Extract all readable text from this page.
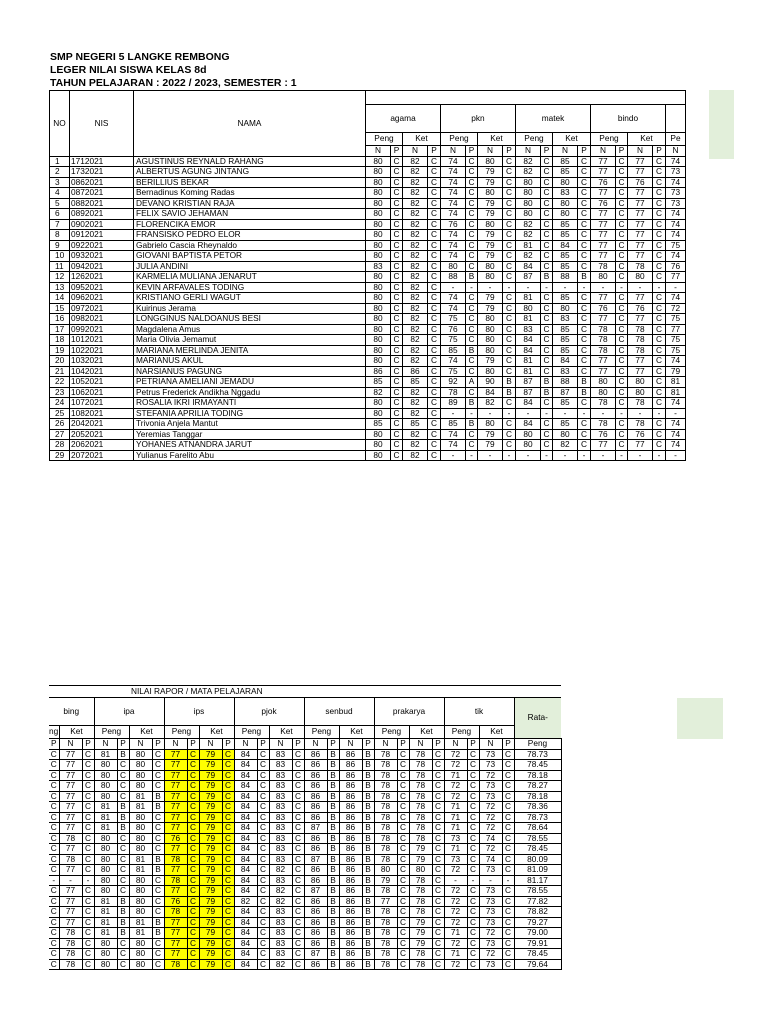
SMP NEGERI 5 LANGKE REMBONG
LEGER NILAI SISWA KELAS 8d
TAHUN PELAJARAN : 2022 / 2023, SEMESTER : 1
NO	NIS	NAMA																	
			agama				pkn				matek				bindo				
			Peng		Ket		Peng		Ket		Peng		Ket		Peng		Ket		Pe
			N	P	N	P	N	P	N	P	N	P	N	P	N	P	N	P	N
1	1712021	AGUSTINUS REYNALD RAHANG	80	C	82	C	74	C	80	C	82	C	85	C	77	C	77	C	74
2	1732021	ALBERTUS AGUNG JINTANG	80	C	82	C	74	C	79	C	82	C	85	C	77	C	77	C	73
3	0862021	BERILLIUS BEKAR	80	C	82	C	74	C	79	C	80	C	80	C	76	C	76	C	74
4	0872021	Bernadinus Koming Radas	80	C	82	C	74	C	80	C	80	C	83	C	77	C	77	C	73
5	0882021	DEVANO KRISTIAN RAJA	80	C	82	C	74	C	79	C	80	C	80	C	76	C	77	C	73
6	0892021	FELIX SAVIO JEHAMAN	80	C	82	C	74	C	79	C	80	C	80	C	77	C	77	C	74
7	0902021	FLORENCIKA EMOR	80	C	82	C	76	C	80	C	82	C	85	C	77	C	77	C	74
8	0912021	FRANSISKO PEDRO ELOR	80	C	82	C	74	C	79	C	82	C	85	C	77	C	77	C	74
9	0922021	Gabrielo Cascia Rheynaldo	80	C	82	C	74	C	79	C	81	C	84	C	77	C	77	C	75
10	0932021	GIOVANI BAPTISTA PETOR	80	C	82	C	74	C	79	C	82	C	85	C	77	C	77	C	74
11	0942021	JULIA ANDINI	83	C	82	C	80	C	80	C	84	C	85	C	78	C	78	C	76
12	1262021	KARMELIA MULIANA JENARUT	80	C	82	C	88	B	80	C	87	B	88	B	80	C	80	C	77
13	0952021	KEVIN ARFAVALES TODING	80	C	82	C	-	-	-	-	-	-	-	-	-	-	-	-	-
14	0962021	KRISTIANO GERLI WAGUT	80	C	82	C	74	C	79	C	81	C	85	C	77	C	77	C	74
15	0972021	Kuirinus Jerama	80	C	82	C	74	C	79	C	80	C	80	C	76	C	76	C	72
16	0982021	LONGGINUS NALDOANUS BESI	80	C	82	C	75	C	80	C	81	C	83	C	77	C	77	C	75
17	0992021	Magdalena Amus	80	C	82	C	76	C	80	C	83	C	85	C	78	C	78	C	77
18	1012021	Maria Olivia Jemamut	80	C	82	C	75	C	80	C	84	C	85	C	78	C	78	C	75
19	1022021	MARIANA MERLINDA JENITA	80	C	82	C	85	B	80	C	84	C	85	C	78	C	78	C	75
20	1032021	MARIANUS AKUL	80	C	82	C	74	C	79	C	81	C	84	C	77	C	77	C	74
21	1042021	NARSIANUS PAGUNG	86	C	86	C	75	C	80	C	81	C	83	C	77	C	77	C	79
22	1052021	PETRIANA AMELIANI JEMADU	85	C	85	C	92	A	90	B	87	B	88	B	80	C	80	C	81
23	1062021	Petrus Frederick Andikha Nggadu	82	C	82	C	78	C	84	B	87	B	87	B	80	C	80	C	81
24	1072021	ROSALIA IKRI IRMAYANTI	80	C	82	C	89	B	82	C	84	C	85	C	78	C	78	C	74
25	1082021	STEFANIA APRILIA TODING	80	C	82	C	-	-	-	-	-	-	-	-	-	-	-	-	-
26	2042021	Trivonia Anjela Mantut	85	C	85	C	85	B	80	C	84	C	85	C	78	C	78	C	74
27	2052021	Yeremias Tanggar	80	C	82	C	74	C	79	C	80	C	80	C	76	C	76	C	74
28	2062021	YOHANES ATNANDRA JARUT	80	C	82	C	74	C	79	C	80	C	82	C	77	C	77	C	74
29	2072021	Yulianus Farelito Abu	80	C	82	C	-	-	-	-	-	-	-	-	-	-	-	-	-
NILAI RAPOR / MATA PELAJARAN																											
bing			ipa				ips				pjok				senbud				prakarya				tik				Rata-
ng	Ket		Peng		Ket		Peng		Ket		Peng		Ket		Peng		Ket		Peng		Ket		Peng		Ket		
P	N	P	N	P	N	P	N	P	N	P	N	P	N	P	N	P	N	P	N	P	N	P	N	P	N	P	Peng
C	77	C	81	B	80	C	77	C	79	C	84	C	83	C	86	B	86	B	78	C	78	C	72	C	73	C	78.73
C	77	C	80	C	80	C	77	C	79	C	84	C	83	C	86	B	86	B	78	C	78	C	72	C	73	C	78.45
C	77	C	80	C	80	C	77	C	79	C	84	C	83	C	86	B	86	B	78	C	78	C	71	C	72	C	78.18
C	77	C	80	C	80	C	77	C	79	C	84	C	83	C	86	B	86	B	78	C	78	C	72	C	73	C	78.27
C	77	C	80	C	81	B	77	C	79	C	84	C	83	C	86	B	86	B	78	C	78	C	72	C	73	C	78.18
C	77	C	81	B	81	B	77	C	79	C	84	C	83	C	86	B	86	B	78	C	78	C	71	C	72	C	78.36
C	77	C	81	B	80	C	77	C	79	C	84	C	83	C	86	B	86	B	78	C	78	C	71	C	72	C	78.73
C	77	C	81	B	80	C	77	C	79	C	84	C	83	C	87	B	86	B	78	C	78	C	71	C	72	C	78.64
C	78	C	80	C	80	C	76	C	79	C	84	C	83	C	86	B	86	B	78	C	78	C	73	C	74	C	78.55
C	77	C	80	C	80	C	77	C	79	C	84	C	83	C	86	B	86	B	78	C	79	C	71	C	72	C	78.45
C	78	C	80	C	81	B	78	C	79	C	84	C	83	C	87	B	86	B	78	C	79	C	73	C	74	C	80.09
C	77	C	80	C	81	B	77	C	79	C	84	C	82	C	86	B	86	B	80	C	80	C	72	C	73	C	81.09
-	-	-	80	C	80	C	78	C	79	C	84	C	83	C	86	B	86	B	79	C	78	C	-	-	-	-	81.17
C	77	C	80	C	80	C	77	C	79	C	84	C	82	C	87	B	86	B	78	C	78	C	72	C	73	C	78.55
C	77	C	81	B	80	C	76	C	79	C	82	C	82	C	86	B	86	B	77	C	78	C	72	C	73	C	77.82
C	77	C	81	B	80	C	78	C	79	C	84	C	83	C	86	B	86	B	78	C	78	C	72	C	73	C	78.82
C	77	C	81	B	81	B	77	C	79	C	84	C	83	C	86	B	86	B	78	C	79	C	72	C	73	C	79.27
C	78	C	81	B	81	B	77	C	79	C	84	C	83	C	86	B	86	B	78	C	79	C	71	C	72	C	79.00
C	78	C	80	C	80	C	77	C	79	C	84	C	83	C	86	B	86	B	78	C	79	C	72	C	73	C	79.91
C	78	C	80	C	80	C	77	C	79	C	84	C	83	C	87	B	86	B	78	C	78	C	71	C	72	C	78.45
C	78	C	80	C	80	C	78	C	79	C	84	C	82	C	86	B	86	B	78	C	78	C	72	C	73	C	79.64
